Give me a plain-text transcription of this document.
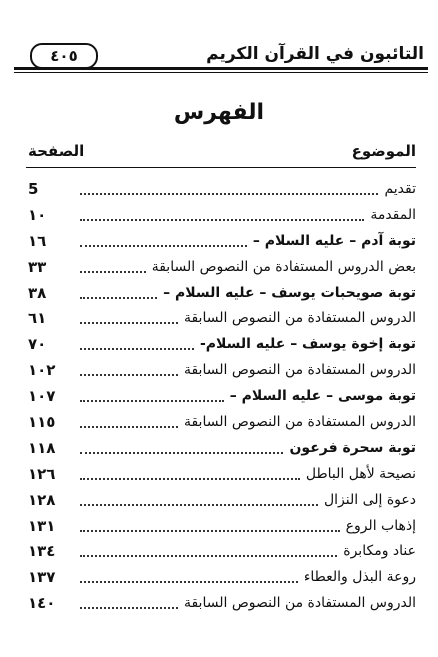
التائبون في القرآن الكريم
٤٠٥
الفهرس
الموضوع
الصفحة
تقديم
5
المقدمة
١٠
توبة آدم – عليه السلام –
١٦
بعض الدروس المستفادة من النصوص السابقة
٣٣
توبة صويحبات يوسف – عليه السلام –
٣٨
الدروس المستفادة من النصوص السابقة
٦١
توبة إخوة يوسف – عليه السلام-
٧٠
الدروس المستفادة من النصوص السابقة
١٠٢
توبة موسى – عليه السلام –
١٠٧
الدروس المستفادة من النصوص السابقة
١١٥
توبة سحرة فرعون
١١٨
نصيحة لأهل الباطل
١٢٦
دعوة إلى النزال
١٢٨
إذهاب الروع
١٣١
عناد ومكابرة
١٣٤
روعة البذل والعطاء
١٣٧
الدروس المستفادة من النصوص السابقة
١٤٠
